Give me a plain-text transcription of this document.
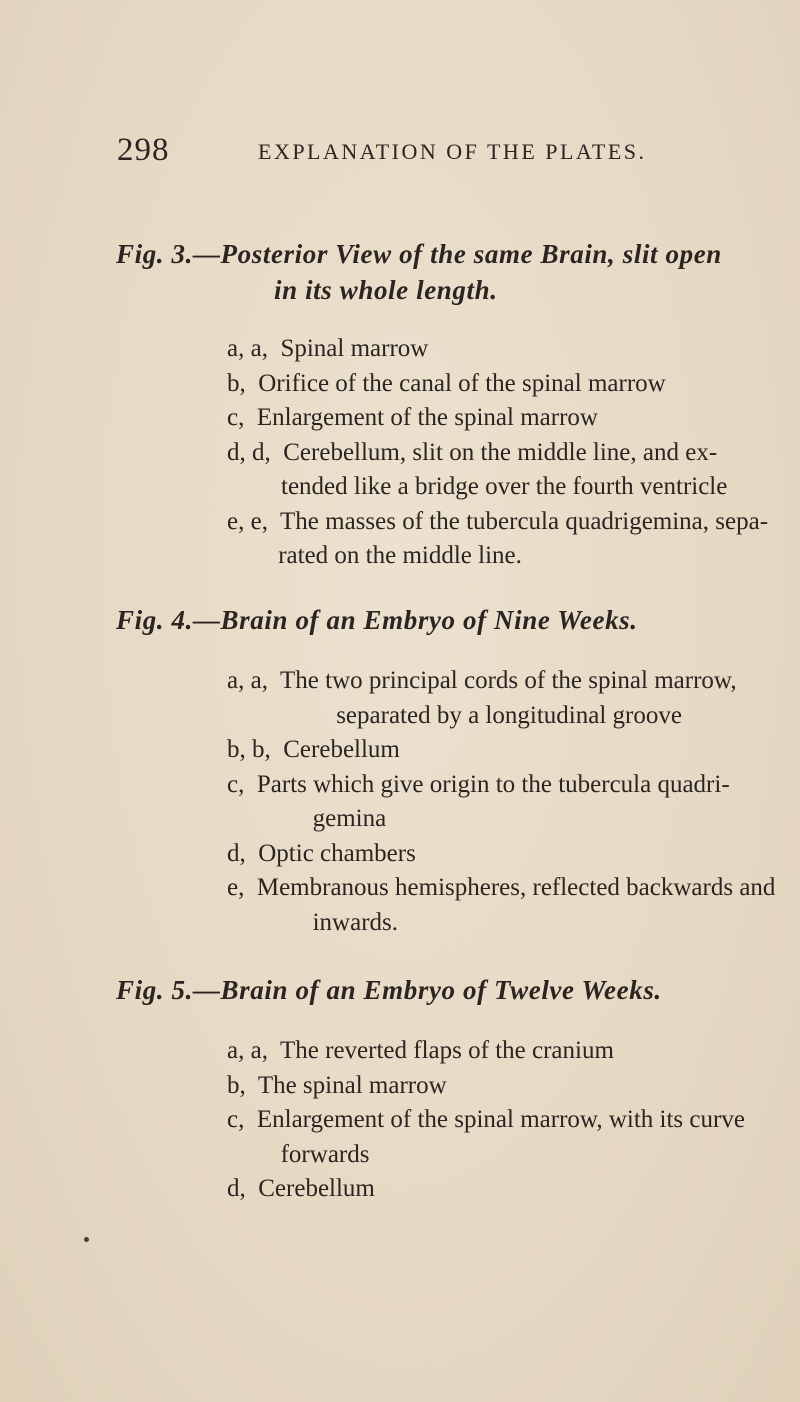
298	EXPLANATION OF THE PLATES.
Fig. 3.—Posterior View of the same Brain, slit open
in its whole length.
a, a,  Spinal marrow
b,  Orifice of the canal of the spinal marrow
c,  Enlargement of the spinal marrow
d, d,  Cerebellum, slit on the middle line, and ex-
tended like a bridge over the fourth ventricle
e, e,  The masses of the tubercula quadrigemina, sepa-
rated on the middle line.
Fig. 4.—Brain of an Embryo of Nine Weeks.
a, a,  The two principal cords of the spinal marrow,
separated by a longitudinal groove
b, b,  Cerebellum
c,  Parts which give origin to the tubercula quadri-
gemina
d,  Optic chambers
e,  Membranous hemispheres, reflected backwards and
inwards.
Fig. 5.—Brain of an Embryo of Twelve Weeks.
a, a,  The reverted flaps of the cranium
b,  The spinal marrow
c,  Enlargement of the spinal marrow, with its curve
forwards
d,  Cerebellum
